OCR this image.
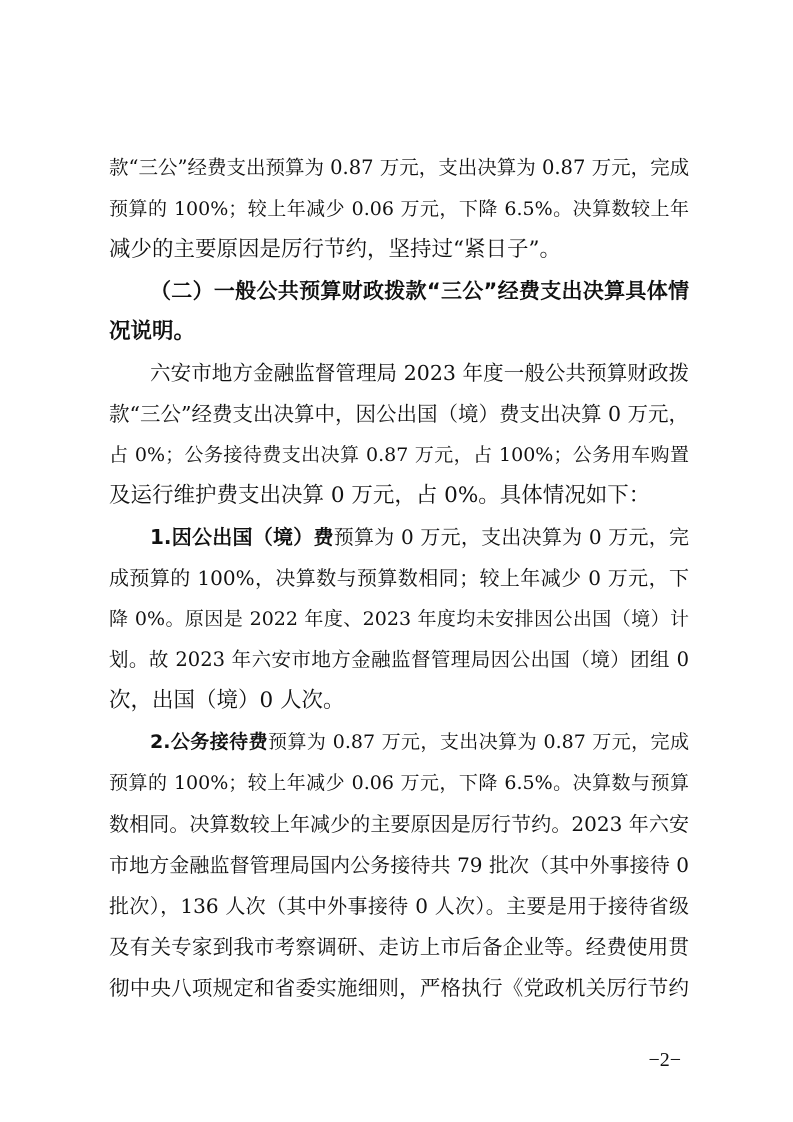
款“三公”经费支出预算为 0.87 万元，支出决算为 0.87 万元，完成
预算的 100%；较上年减少 0.06 万元，下降 6.5%。决算数较上年
减少的主要原因是厉行节约，坚持过“紧日子”。
（二）一般公共预算财政拨款“三公”经费支出决算具体情
况说明。
六安市地方金融监督管理局 2023 年度一般公共预算财政拨
款“三公”经费支出决算中，因公出国（境）费支出决算 0 万元，
占 0%；公务接待费支出决算 0.87 万元，占 100%；公务用车购置
及运行维护费支出决算 0 万元，占 0%。具体情况如下：
1.因公出国（境）费预算为 0 万元，支出决算为 0 万元，完
成预算的 100%，决算数与预算数相同；较上年减少 0 万元，下
降 0%。原因是 2022 年度、2023 年度均未安排因公出国（境）计
划。故 2023 年六安市地方金融监督管理局因公出国（境）团组 0
次，出国（境）0 人次。
2.公务接待费预算为 0.87 万元，支出决算为 0.87 万元，完成
预算的 100%；较上年减少 0.06 万元，下降 6.5%。决算数与预算
数相同。决算数较上年减少的主要原因是厉行节约。2023 年六安
市地方金融监督管理局国内公务接待共 79 批次（其中外事接待 0
批次），136 人次（其中外事接待 0 人次）。主要是用于接待省级
及有关专家到我市考察调研、走访上市后备企业等。经费使用贯
彻中央八项规定和省委实施细则，严格执行《党政机关厉行节约
−2−
